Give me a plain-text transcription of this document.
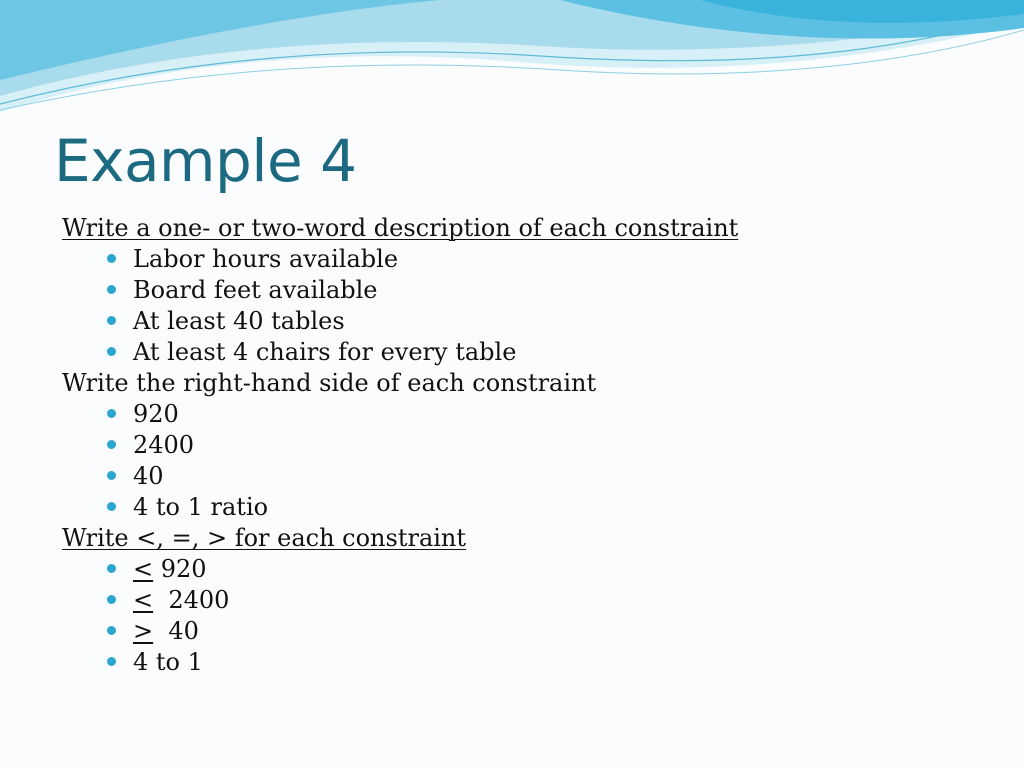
Example 4

Write a one- or two-word description of each constraint

Labor hours available
Board feet available
At least 40 tables
At least 4 chairs for every table

Write the right-hand side of each constraint

920
2400
40
4 to 1 ratio

Write <, =, > for each constraint

< 920
<  2400
>  40
4 to 1
